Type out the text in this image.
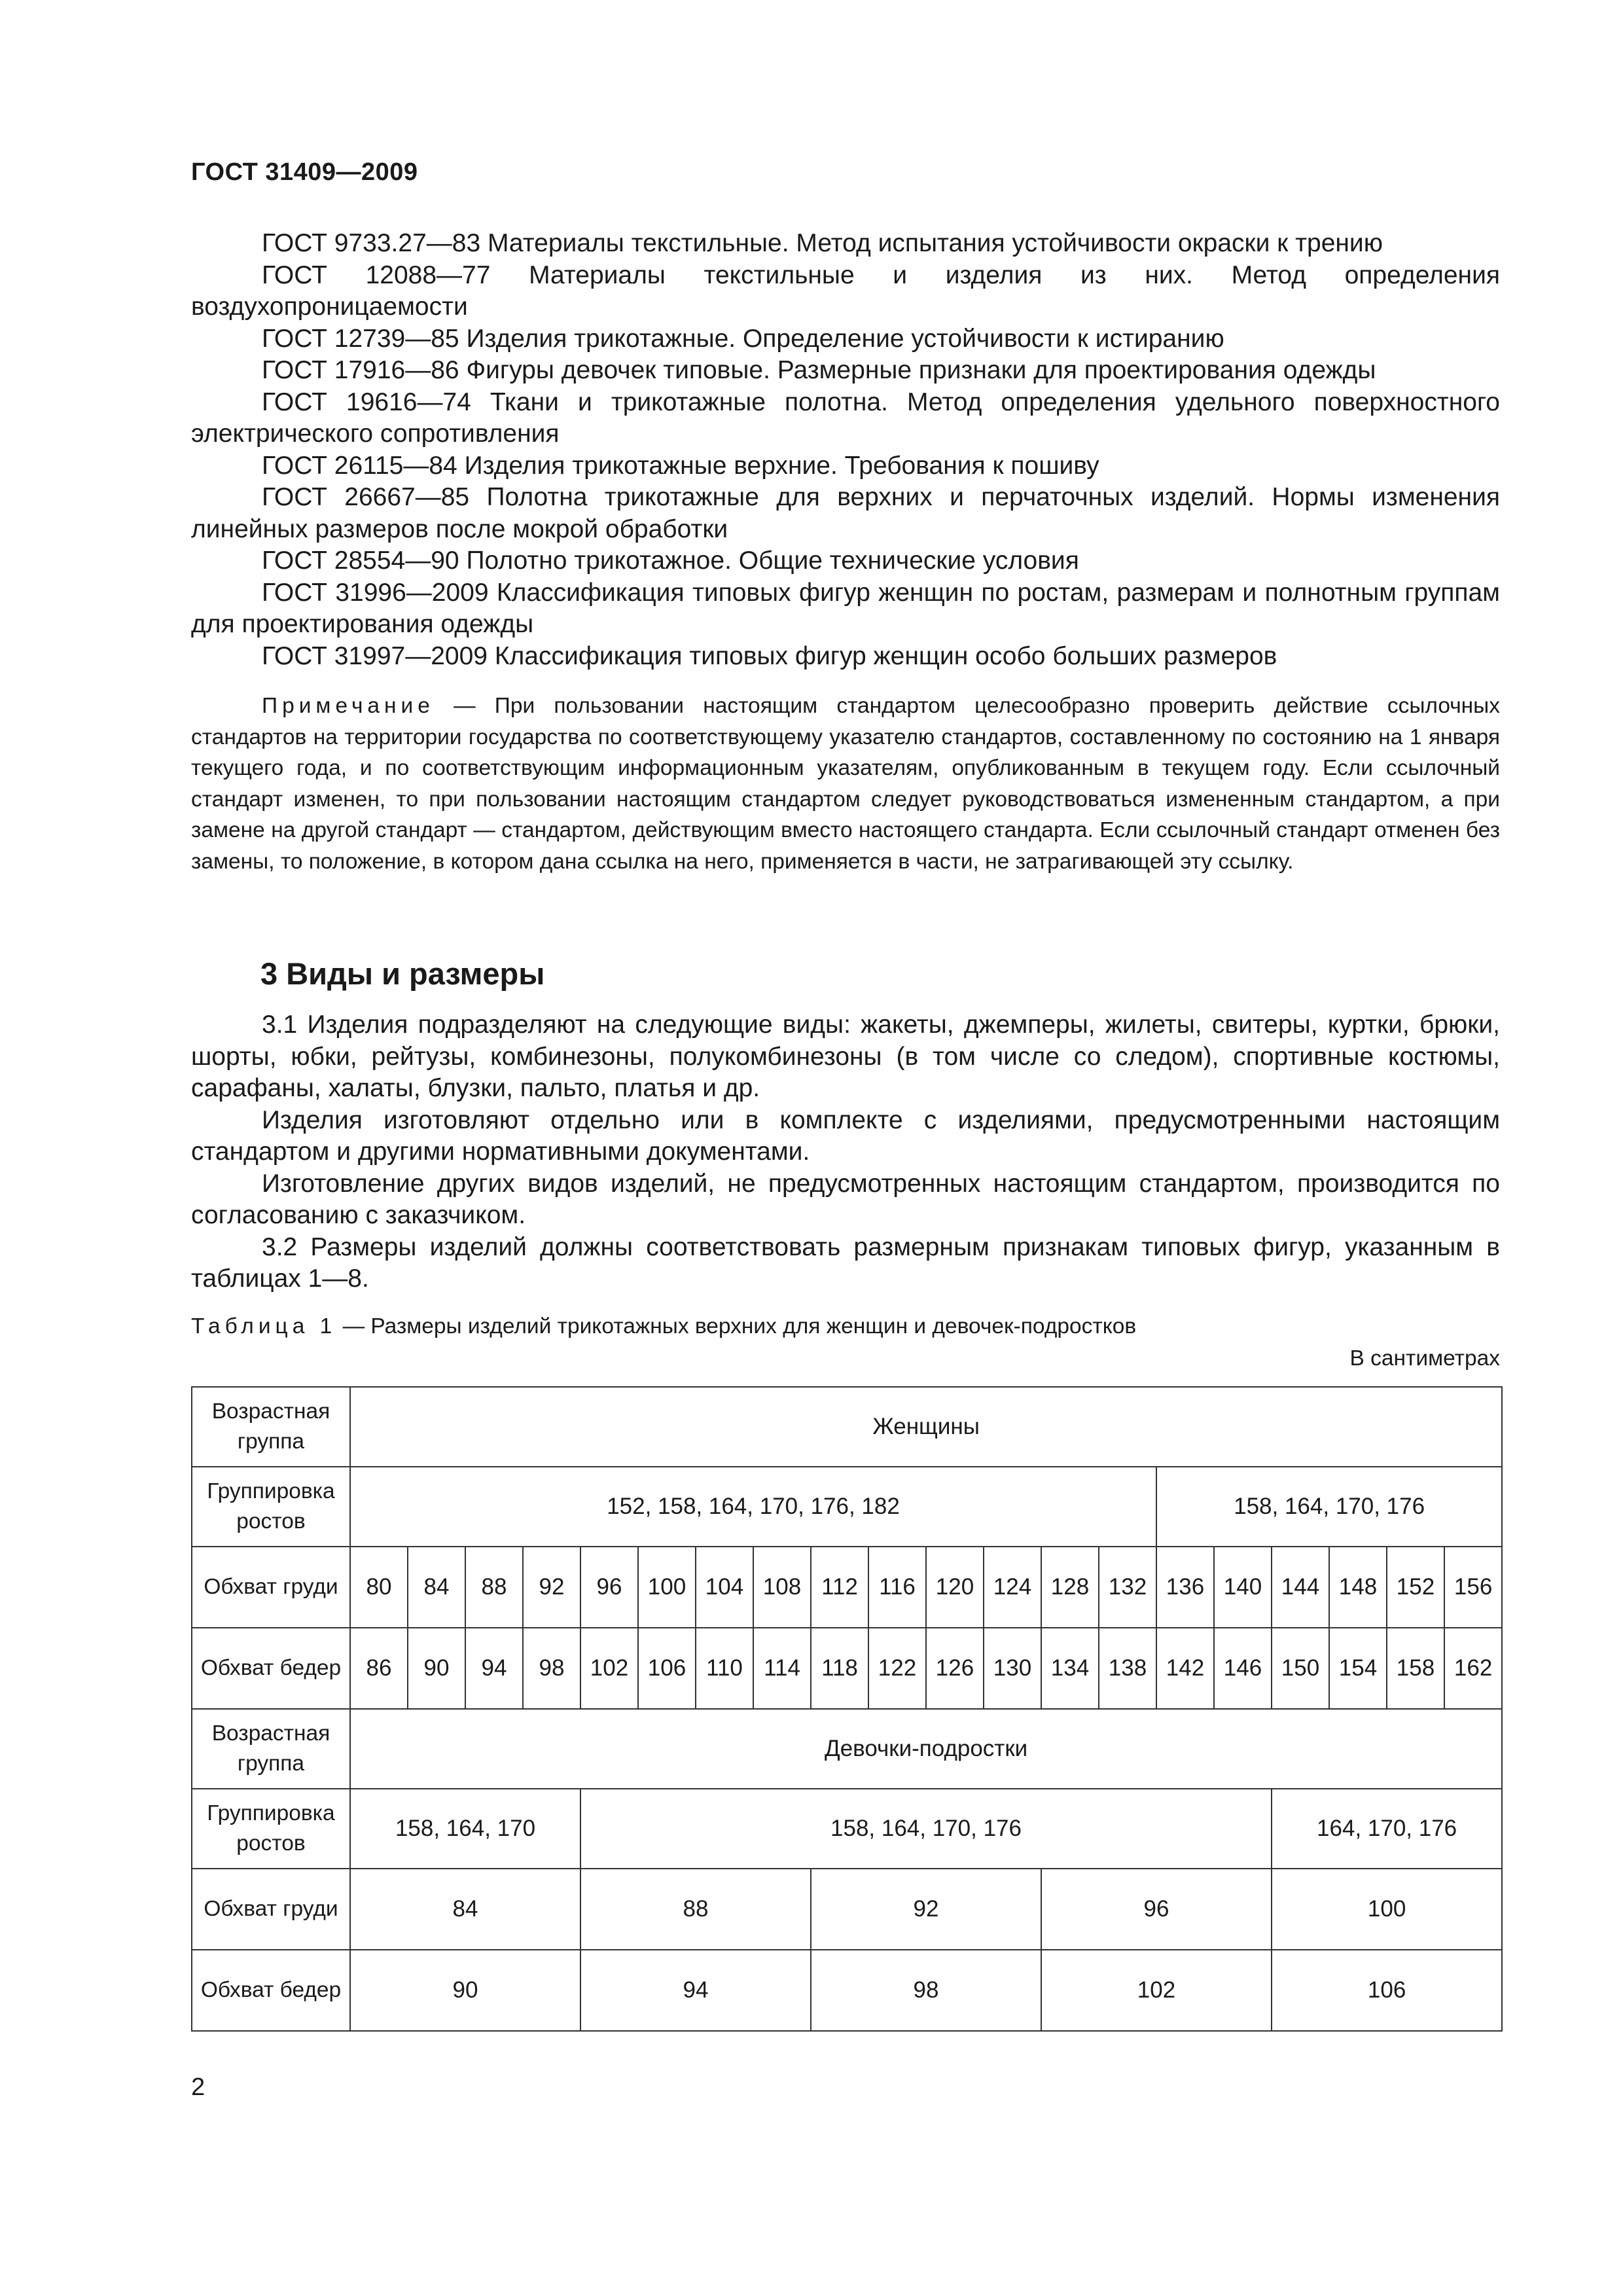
ГОСТ 31409—2009

ГОСТ 9733.27—83 Материалы текстильные. Метод испытания устойчивости окраски к трению

ГОСТ 12088—77 Материалы текстильные и изделия из них. Метод определения воздухопроницаемости

ГОСТ 12739—85 Изделия трикотажные. Определение устойчивости к истиранию

ГОСТ 17916—86 Фигуры девочек типовые. Размерные признаки для проектирования одежды

ГОСТ 19616—74 Ткани и трикотажные полотна. Метод определения удельного поверхностного электрического сопротивления

ГОСТ 26115—84 Изделия трикотажные верхние. Требования к пошиву

ГОСТ 26667—85 Полотна трикотажные для верхних и перчаточных изделий. Нормы изменения линейных размеров после мокрой обработки

ГОСТ 28554—90 Полотно трикотажное. Общие технические условия

ГОСТ 31996—2009 Классификация типовых фигур женщин по ростам, размерам и полнотным группам для проектирования одежды

ГОСТ 31997—2009 Классификация типовых фигур женщин особо больших размеров

Примечание — При пользовании настоящим стандартом целесообразно проверить действие ссылочных стандартов на территории государства по соответствующему указателю стандартов, составленному по состоянию на 1 января текущего года, и по соответствующим информационным указателям, опубликованным в текущем году. Если ссылочный стандарт изменен, то при пользовании настоящим стандартом следует руководствоваться измененным стандартом, а при замене на другой стандарт — стандартом, действующим вместо настоящего стандарта. Если ссылочный стандарт отменен без замены, то положение, в котором дана ссылка на него, применяется в части, не затрагивающей эту ссылку.

3 Виды и размеры

3.1 Изделия подразделяют на следующие виды: жакеты, джемперы, жилеты, свитеры, куртки, брюки, шорты, юбки, рейтузы, комбинезоны, полукомбинезоны (в том числе со следом), спортивные костюмы, сарафаны, халаты, блузки, пальто, платья и др.

Изделия изготовляют отдельно или в комплекте с изделиями, предусмотренными настоящим стандартом и другими нормативными документами.

Изготовление других видов изделий, не предусмотренных настоящим стандартом, производится по согласованию с заказчиком.

3.2 Размеры изделий должны соответствовать размерным признакам типовых фигур, указанным в таблицах 1—8.

Таблица 1 — Размеры изделий трикотажных верхних для женщин и девочек-подростков
В сантиметрах
Возрастная группа	Женщины																			
Группировка ростов	152, 158, 164, 170, 176, 182														158, 164, 170, 176					
Обхват груди	80	84	88	92	96	100	104	108	112	116	120	124	128	132	136	140	144	148	152	156
Обхват бедер	86	90	94	98	102	106	110	114	118	122	126	130	134	138	142	146	150	154	158	162
Возрастная группа	Девочки-подростки																			
Группировка ростов	158, 164, 170				158, 164, 170, 176												164, 170, 176			
Обхват груди	84				88				92				96				100			
Обхват бедер	90				94				98				102				106			
2
